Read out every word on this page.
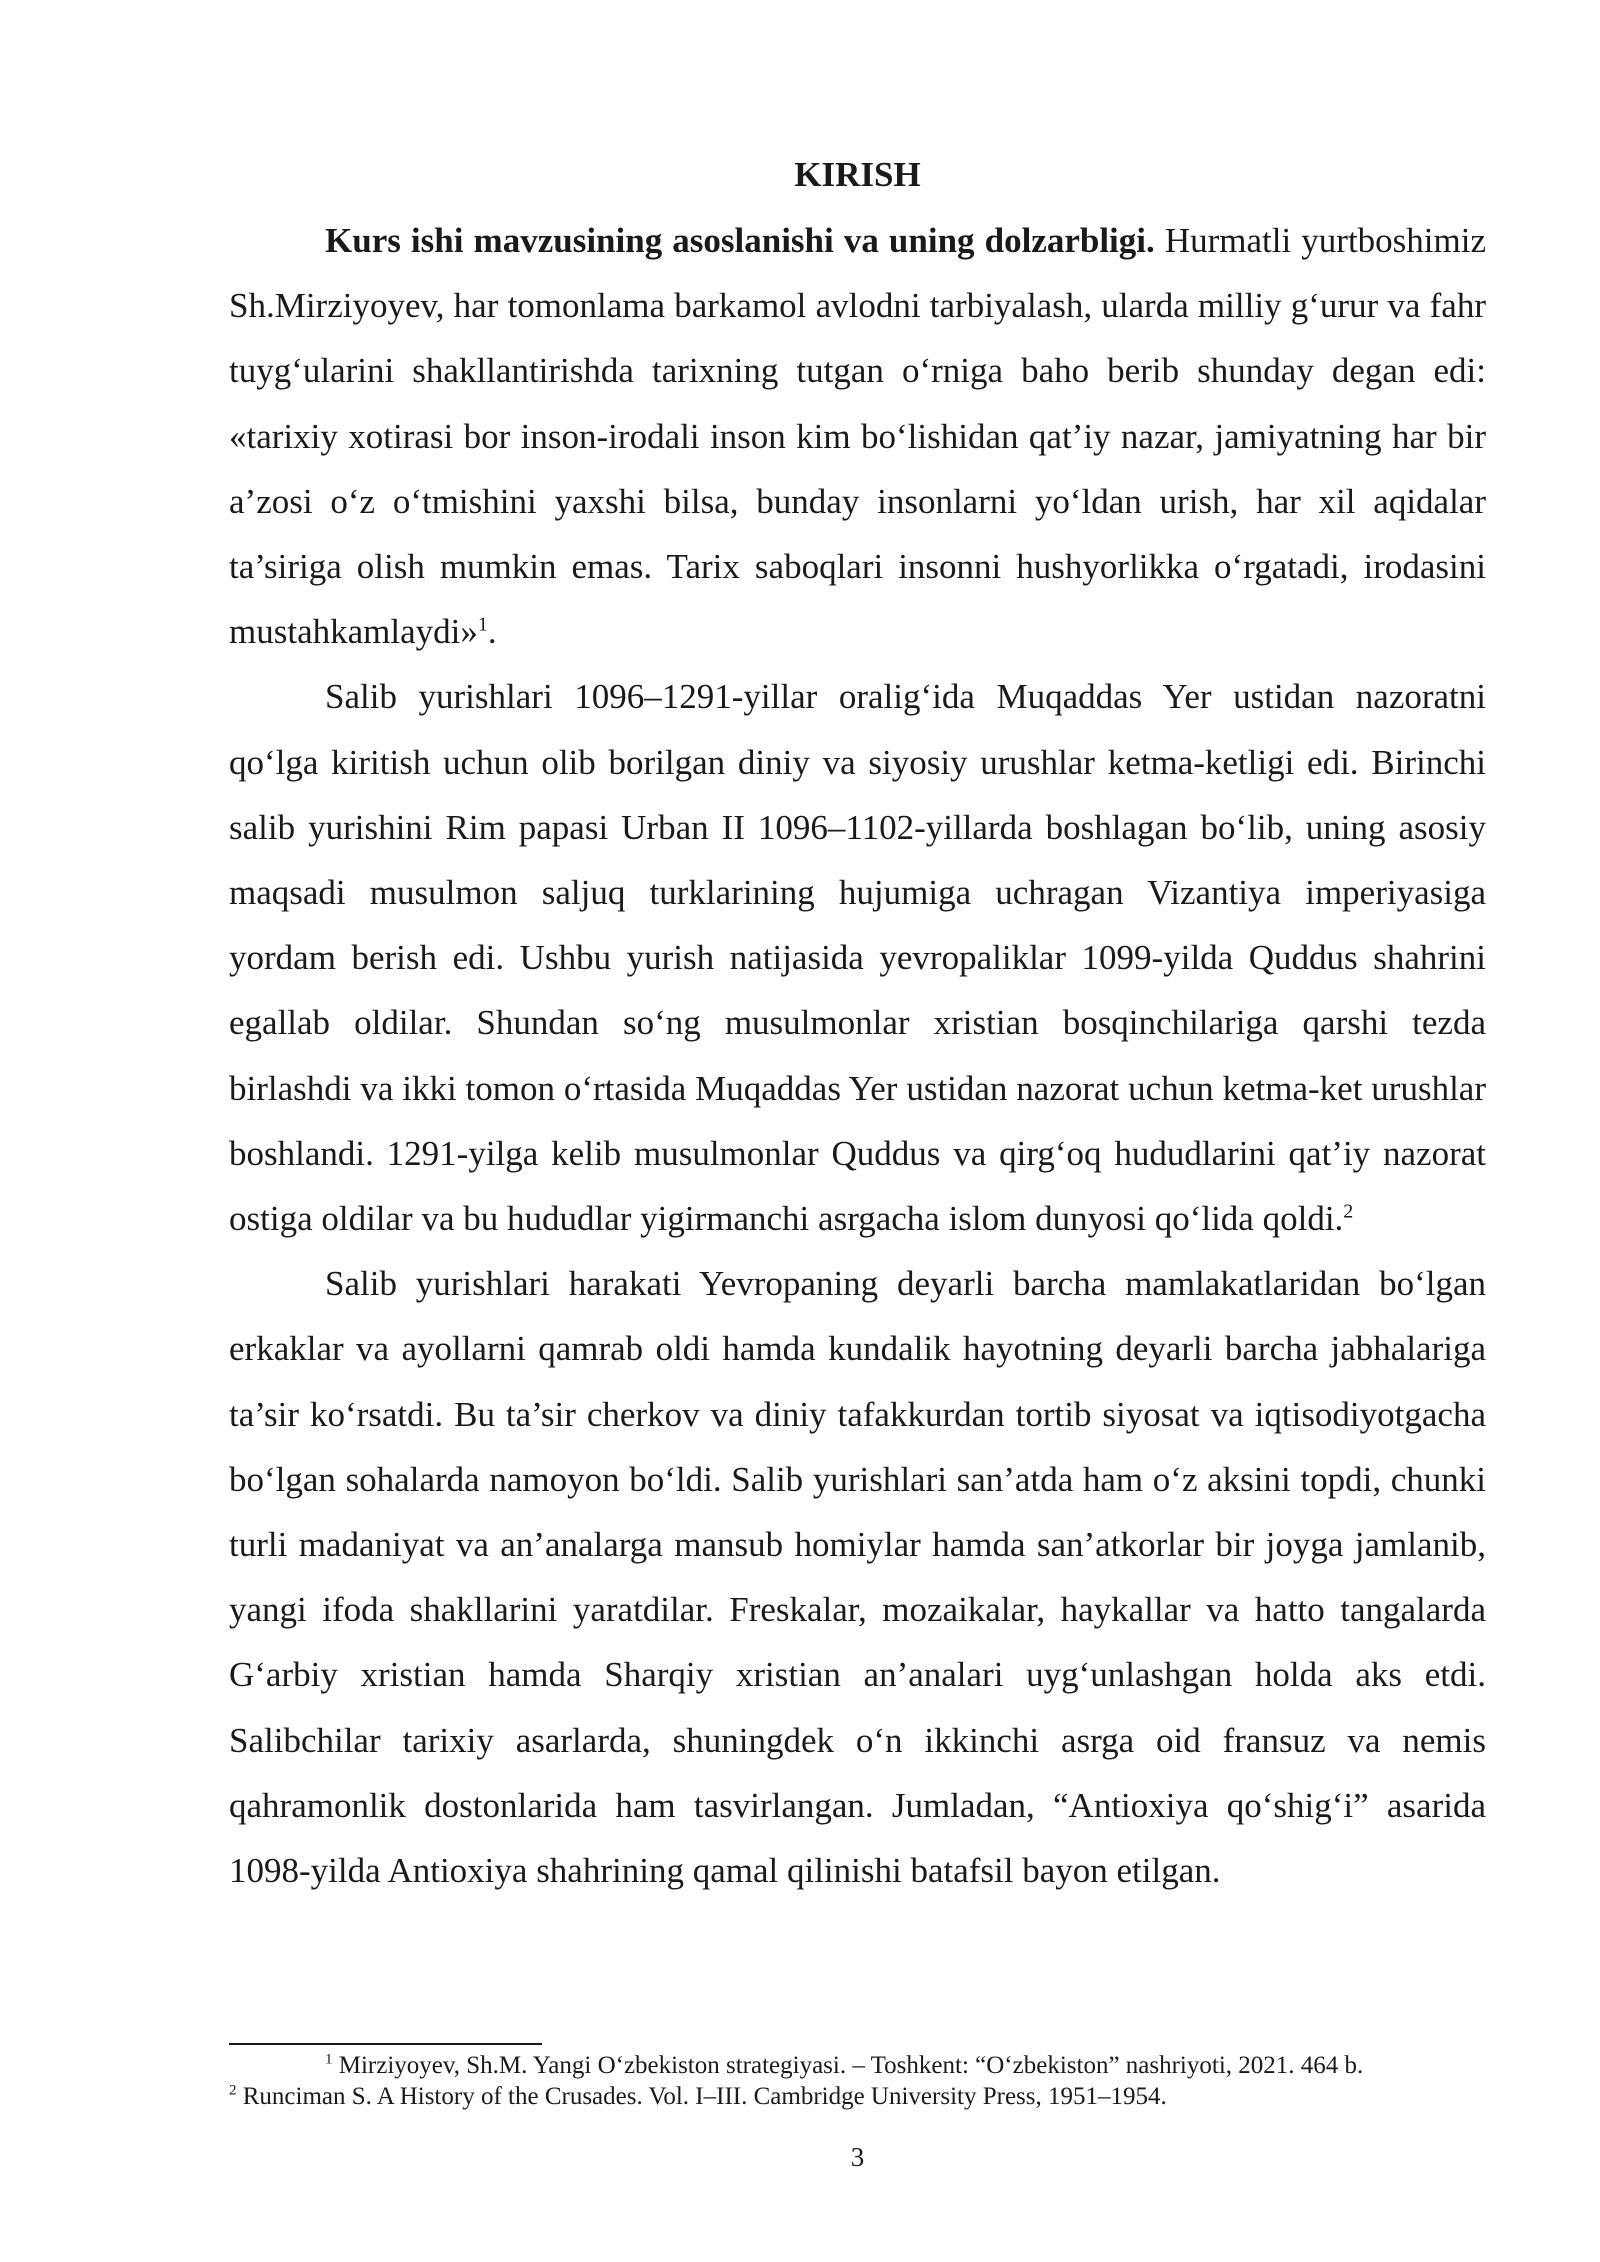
KIRISH

Kurs ishi mavzusining asoslanishi va uning dolzarbligi. Hurmatli yurtboshimiz Sh.Mirziyoyev, har tomonlama barkamol avlodni tarbiyalash, ularda milliy g‘urur va fahr tuyg‘ularini shakllantirishda tarixning tutgan o‘rniga baho berib shunday degan edi: «tarixiy xotirasi bor inson-irodali inson kim bo‘lishidan qat’iy nazar, jamiyatning har bir a’zosi o‘z o‘tmishini yaxshi bilsa, bunday insonlarni yo‘ldan urish, har xil aqidalar ta’siriga olish mumkin emas. Tarix saboqlari insonni hushyorlikka o‘rgatadi, irodasini mustahkamlaydi»$^1$.

Salib yurishlari 1096–1291-yillar oralig‘ida Muqaddas Yer ustidan nazoratni qo‘lga kiritish uchun olib borilgan diniy va siyosiy urushlar ketma-ketligi edi. Birinchi salib yurishini Rim papasi Urban II 1096–1102-yillarda boshlagan bo‘lib, uning asosiy maqsadi musulmon saljuq turklarining hujumiga uchragan Vizantiya imperiyasiga yordam berish edi. Ushbu yurish natijasida yevropaliklar 1099-yilda Quddus shahrini egallab oldilar. Shundan so‘ng musulmonlar xristian bosqinchilariga qarshi tezda birlashdi va ikki tomon o‘rtasida Muqaddas Yer ustidan nazorat uchun ketma-ket urushlar boshlandi. 1291-yilga kelib musulmonlar Quddus va qirg‘oq hududlarini qat’iy nazorat ostiga oldilar va bu hududlar yigirmanchi asrgacha islom dunyosi qo‘lida qoldi.$^2$

Salib yurishlari harakati Yevropaning deyarli barcha mamlakatlaridan bo‘lgan erkaklar va ayollarni qamrab oldi hamda kundalik hayotning deyarli barcha jabhalariga ta’sir ko‘rsatdi. Bu ta’sir cherkov va diniy tafakkurdan tortib siyosat va iqtisodiyotgacha bo‘lgan sohalarda namoyon bo‘ldi. Salib yurishlari san’atda ham o‘z aksini topdi, chunki turli madaniyat va an’analarga mansub homiylar hamda san’atkorlar bir joyga jamlanib, yangi ifoda shakllarini yaratdilar. Freskalar, mozaikalar, haykallar va hatto tangalarda G‘arbiy xristian hamda Sharqiy xristian an’analari uyg‘unlashgan holda aks etdi. Salibchilar tarixiy asarlarda, shuningdek o‘n ikkinchi asrga oid fransuz va nemis qahramonlik dostonlarida ham tasvirlangan. Jumladan, “Antioxiya qo‘shig‘i” asarida 1098-yilda Antioxiya shahrining qamal qilinishi batafsil bayon etilgan.

$^1$ Mirziyoyev, Sh.M. Yangi O‘zbekiston strategiyasi. – Toshkent: “O‘zbekiston” nashriyoti, 2021. 464 b.

$^2$ Runciman S. A History of the Crusades. Vol. I–III. Cambridge University Press, 1951–1954.

3
